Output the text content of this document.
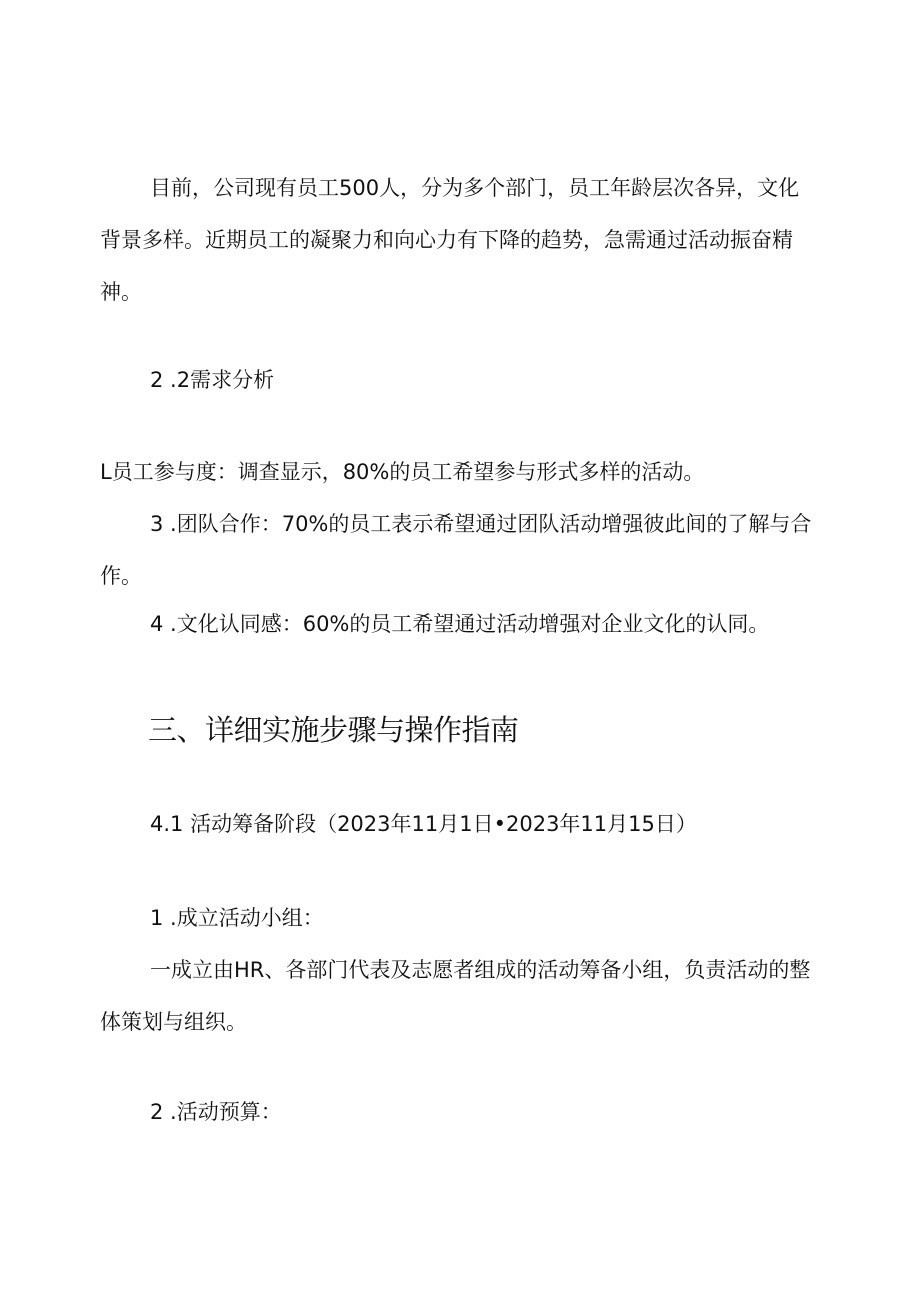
目前，公司现有员工500人，分为多个部门，员工年龄层次各异，文化背景多样。近期员工的凝聚力和向心力有下降的趋势，急需通过活动振奋精神。

2 .2需求分析

L员工参与度：调查显示，80%的员工希望参与形式多样的活动。

3 .团队合作：70%的员工表示希望通过团队活动增强彼此间的了解与合作。

4 .文化认同感：60%的员工希望通过活动增强对企业文化的认同。

三、详细实施步骤与操作指南

4.1 活动筹备阶段（2023年11月1日•2023年11月15日）

1 .成立活动小组：

一成立由HR、各部门代表及志愿者组成的活动筹备小组，负责活动的整体策划与组织。

2 .活动预算：
